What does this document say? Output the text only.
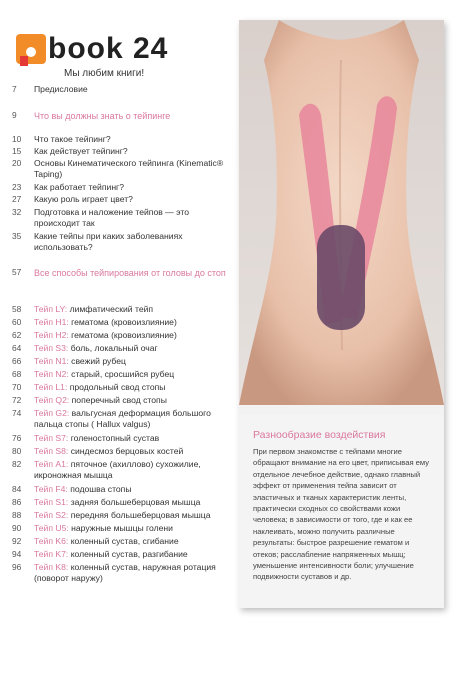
book 24
Мы любим книги!
7	Предисловие
9	Что вы должны знать о тейпинге
10	Что такое тейпинг?
15	Как действует тейпинг?
20	Основы Кинематического тейпинга (Kinematic® Taping)
23	Как работает тейпинг?
27	Какую роль играет цвет?
32	Подготовка и наложение тейпов — это происходит так
35	Какие тейпы при каких заболеваниях использовать?
57	Все способы тейпирования от головы до стоп
58	Тейп LY: лимфатический тейп
60	Тейп H1: гематома (кровоизлияние)
62	Тейп H2: гематома (кровоизлияние)
64	Тейп S3: боль, локальный очаг
66	Тейп N1: свежий рубец
68	Тейп N2: старый, сросшийся рубец
70	Тейп L1: продольный свод стопы
72	Тейп Q2: поперечный свод стопы
74	Тейп G2: вальгусная деформация большого пальца стопы ( Hallux valgus)
76	Тейп S7: голеностопный сустав
80	Тейп S8: синдесмоз берцовых костей
82	Тейп А1: пяточное (ахиллово) сухожилие, икроножная мышца
84	Тейп F4: подошва стопы
86	Тейп S1: задняя большеберцовая мышца
88	Тейп S2: передняя большеберцовая мышца
90	Тейп U5: наружные мышцы голени
92	Тейп K6: коленный сустав, сгибание
94	Тейп K7: коленный сустав, разгибание
96	Тейп K8: коленный сустав, наружная ротация (поворот наружу)
Разнообразие воздействия
При первом знакомстве с тейпами многие обращают внимание на его цвет, приписывая ему отдельное лечебное действие, однако главный эффект от применения тейпа зависит от эластичных и тканых характеристик ленты, практически сходных со свойствами кожи человека; в зависимости от того, где и как ее наклеивать, можно получить различные результаты: быстрое разрешение гематом и отеков; расслабление напряженных мышц; уменьшение интенсивности боли; улучшение подвижности суставов и др.
